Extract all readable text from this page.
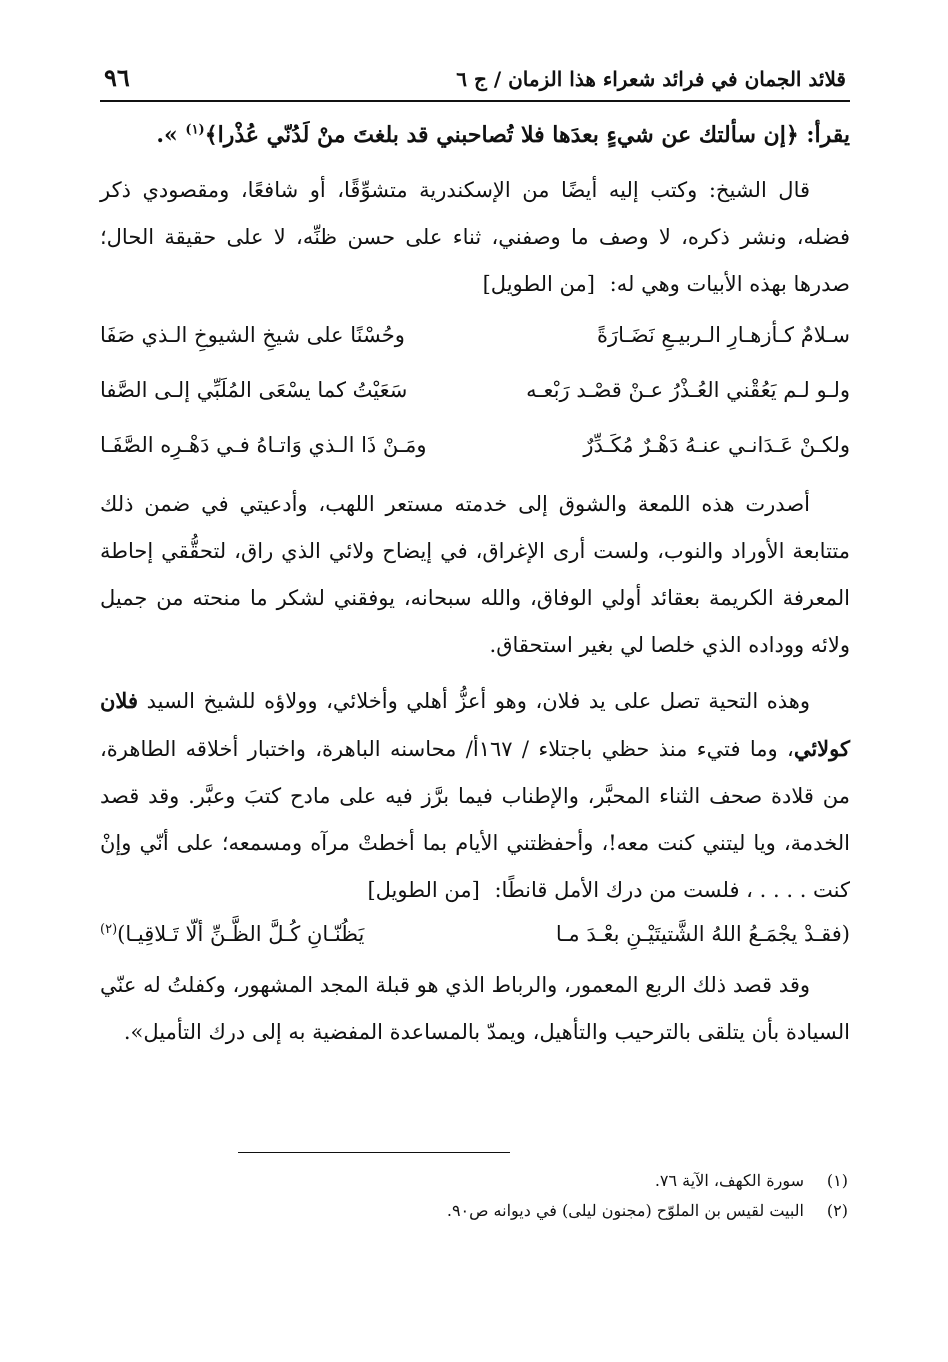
قلائد الجمان في فرائد شعراء هذا الزمان / ج ٦
٩٦

يقرأ: ﴿إن سألتك عن شيءٍ بعدَها فلا تُصاحبني قد بلغتَ منْ لَدُنّي عُذْرا﴾$^{(١)}$ ».

قال الشيخ: وكتب إليه أيضًا من الإسكندرية متشوِّقًا، أو شافعًا، ومقصودي ذكر فضله، ونشر ذكره، لا وصف ما وصفني، ثناء على حسن ظنِّه، لا على حقيقة الحال؛ صدرها بهذه الأبيات وهي له: [من الطويل]

سـلامٌ كـأزهـارِ الـربيـعِ نَضَـارَةً
وحُسْنًا على شيخِ الشيوخِ الـذي صَفَا
ولـو لـم يَعُقْني العُـذْرُ عـنْ قصْـد رَبْعـه
سَعَيْتُ كما يسْعَى المُلَبِّي إلـى الصَّفا
ولكـنْ عَـدَانـي عنـهُ دَهْـرٌ مُكَـدِّرٌ
ومَـنْ ذَا الـذي وَاتـاهُ فـي دَهْـرِه الصَّفَـا

أصدرت هذه اللمعة والشوق إلى خدمته مستعر اللهب، وأدعيتي في ضمن ذلك متتابعة الأوراد والنوب، ولست أرى الإغراق، في إيضاح ولائي الذي راق، لتحقُّقي إحاطة المعرفة الكريمة بعقائد أولي الوفاق، والله سبحانه، يوفقني لشكر ما منحته من جميل ولائه ووداده الذي خلصا لي بغير استحقاق.

وهذه التحية تصل على يد فلان، وهو أعزُّ أهلي وأخلائي، وولاؤه للشيخ السيد فلان كولائي، وما فتيء منذ حظي باجتلاء / ١٦٧أ/ محاسنه الباهرة، واختبار أخلاقه الطاهرة، من قلادة صحف الثناء المحبَّر، والإطناب فيما برَّز فيه على مادح كتبَ وعبَّر. وقد قصد الخدمة، ويا ليتني كنت معه!، وأحفظتني الأيام بما أخطتْ مرآه ومسمعه؛ على أنّي وإنْ كنت . . . . ، فلست من درك الأمل قانطًا: [من الطويل]

(فقـدْ يجْمَـعُ اللهُ الشَّتيتَيْـنِ بعْـدَ مـا
يَظُنّـانِ كُـلَّ الظَّـنِّ ألّا تَـلاقِيـا)$^{(٢)}$

وقد قصد ذلك الربع المعمور، والرباط الذي هو قبلة المجد المشهور، وكفلتُ له عنّي السيادة بأن يتلقى بالترحيب والتأهيل، ويمدّ بالمساعدة المفضية به إلى درك التأميل».

(١)
سورة الكهف، الآية ٧٦.
(٢)
البيت لقيس بن الملوّح (مجنون ليلى) في ديوانه ص٩٠.
